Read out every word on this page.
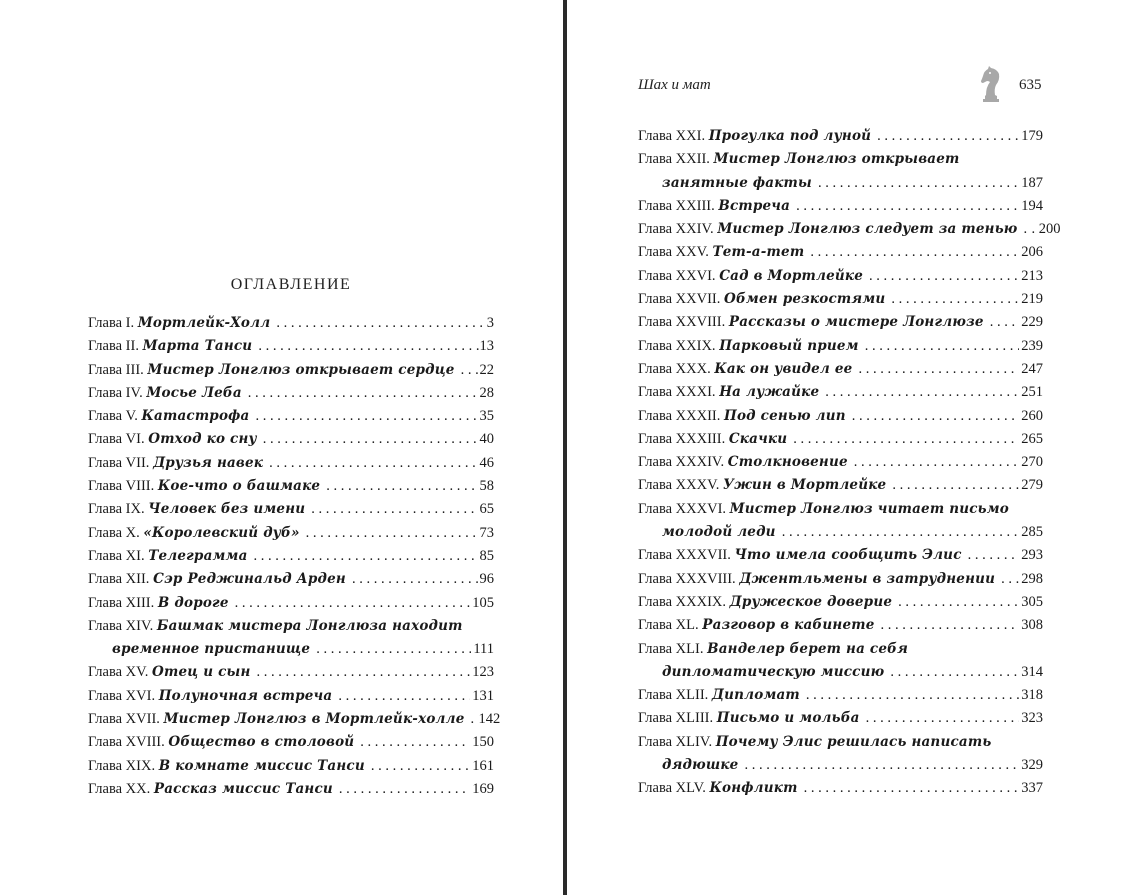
ОГЛАВЛЕНИЕ
Глава I.
Мортлейк-Холл . . .	3
Глава II.
Марта Танси . . .	.13
Глава III.
Мистер Лонглюз открывает сердце . . . 22
Глава IV.
Мосье Леба . . .	28
Глава V.
Катастрофа . . .	35
Глава VI.
Отход ко сну . . .	40
Глава VII.
Друзья навек . . .	46
Глава VIII.
Кое-что о башмаке . . .	58
Глава IX.
Человек без имени . . .	65
Глава X.
«Королевский дуб» . . .	73
Глава XI.
Телеграмма . . .	85
Глава XII.
Сэр Реджинальд Арден . . .	96
Глава XIII.
В дороге . . .	105
Глава XIV.
Башмак мистера Лонглюза находит
временное пристанище . . .	111
Глава XV.
Отец и сын . . .	123
Глава XVI.
Полуночная встреча . . .	131
Глава XVII.
Мистер Лонглюз в Мортлейк-холле . . . 142
Глава XVIII.
Общество в столовой . . .	150
Глава XIX.
В комнате миссис Танси . . .	161
Глава XX.
Рассказ миссис Танси . . .	169
Шах и мат	635
Глава XXI.
Прогулка под луной . . .	179
Глава XXII.
Мистер Лонглюз открывает
занятные факты . . .	187
Глава XXIII.
Встреча . . .	194
Глава XXIV.
Мистер Лонглюз следует за тенью . . . . 200
Глава XXV.
Тет-а-тет . . .	206
Глава XXVI.
Сад в Мортлейке . . .	213
Глава XXVII.
Обмен резкостями . . .	219
Глава XXVIII.
Рассказы о мистере Лонглюзе . . .	229
Глава XXIX.
Парковый прием . . .	239
Глава XXX.
Как он увидел ее . . .	247
Глава XXXI.
На лужайке . . .	251
Глава XXXII.
Под сенью лип . . .	260
Глава XXXIII.
Скачки . . .	265
Глава XXXIV.
Столкновение . . .	270
Глава XXXV.
Ужин в Мортлейке . . .	279
Глава XXXVI.
Мистер Лонглюз читает письмо
молодой леди . . .	285
Глава XXXVII.
Что имела сообщить Элис . . .	293
Глава XXXVIII.
Джентльмены в затруднении . . . 298
Глава XXXIX.
Дружеское доверие . . .	305
Глава XL.
Разговор в кабинете . . .	308
Глава XLI.
Ванделер берет на себя
дипломатическую миссию . . .	314
Глава XLII.
Дипломат . . .	318
Глава XLIII.
Письмо и мольба . . .	323
Глава XLIV.
Почему Элис решилась написать
дядюшке . . .	329
Глава XLV.
Конфликт . . .	337
